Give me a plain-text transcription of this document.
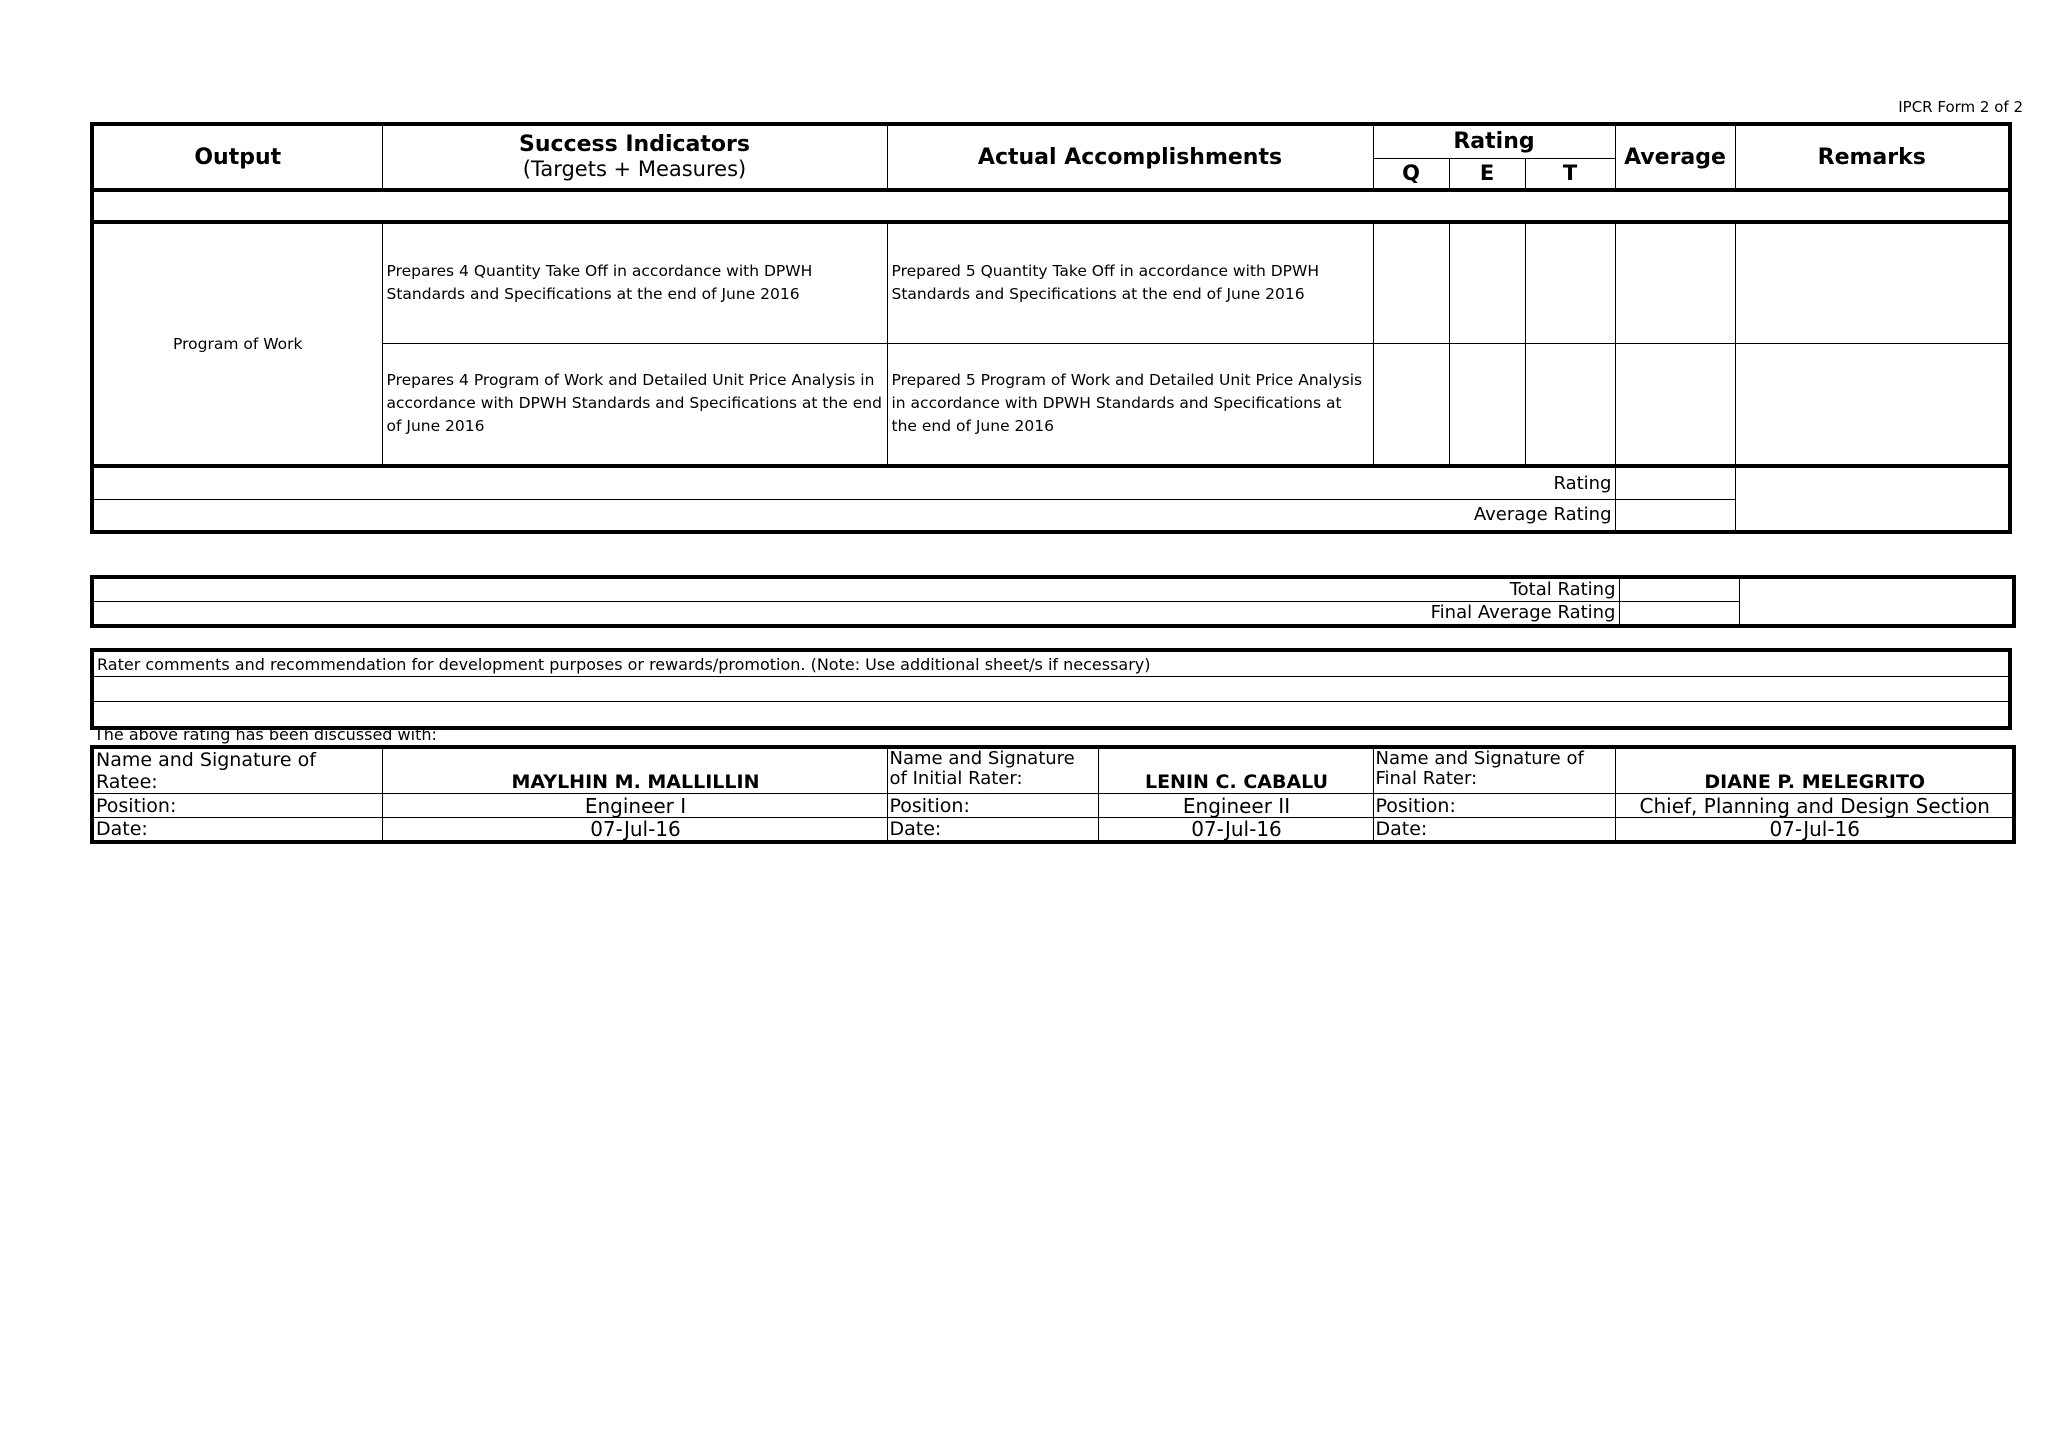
IPCR Form 2 of 2
Output	Success Indicators
(Targets + Measures)	Actual Accomplishments	Rating			Average	Remarks
			Q	E	T		

Program of Work	Prepares 4 Quantity Take Off in accordance with DPWH Standards and Specifications at the end of June 2016	Prepared 5 Quantity Take Off in accordance with DPWH Standards and Specifications at the end of June 2016					
	Prepares 4 Program of Work and Detailed Unit Price Analysis in accordance with DPWH Standards and Specifications at the end of June 2016	Prepared 5 Program of Work and Detailed Unit Price Analysis in accordance with DPWH Standards and Specifications at the end of June 2016					
Rating							
Average Rating							
Total Rating		
Final Average Rating		
Rater comments and recommendation for development purposes or rewards/promotion. (Note: Use additional sheet/s if necessary)

The above rating has been discussed with:
Name and Signature of Ratee:	MAYLHIN M. MALLILLIN	Name and Signature of Initial Rater:	LENIN C. CABALU	Name and Signature of Final Rater:	DIANE P. MELEGRITO
Position:	Engineer I	Position:	Engineer II	Position:	Chief, Planning and Design Section
Date:	07-Jul-16	Date:	07-Jul-16	Date:	07-Jul-16
